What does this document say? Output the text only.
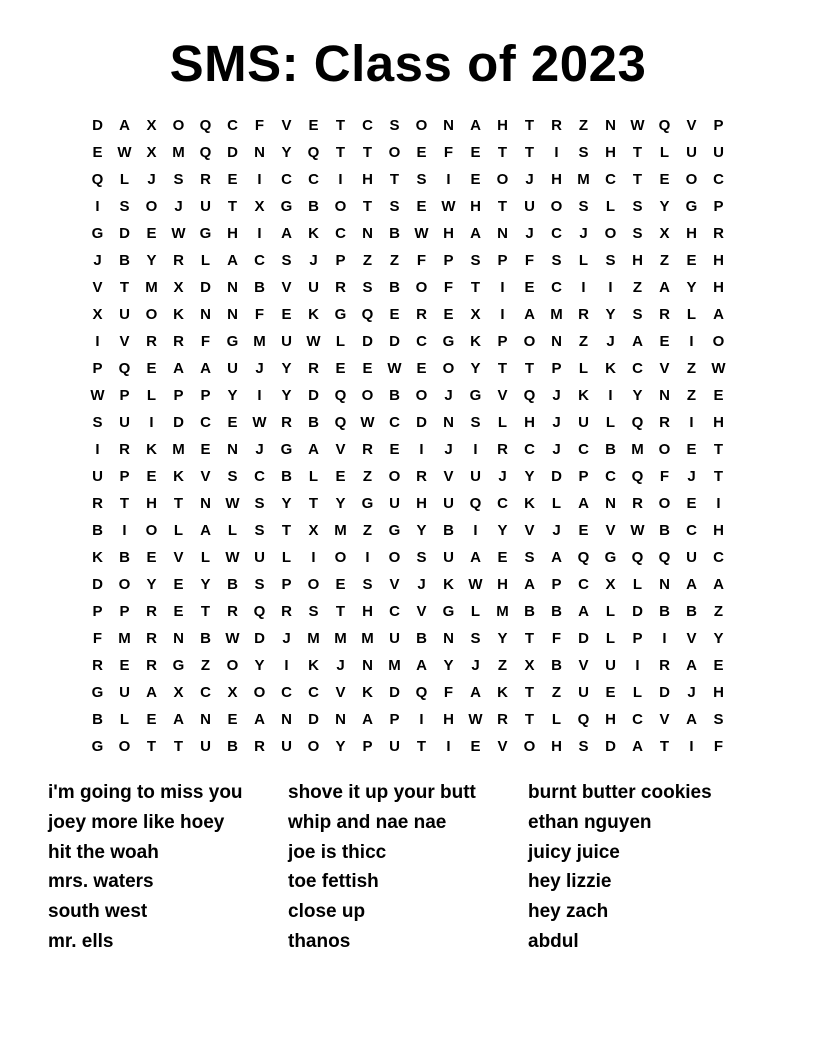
SMS: Class of 2023
D	A	X	O	Q	C	F	V	E	T	C	S	O	N	A	H	T	R	Z	N W Q	V	P
E W X	M Q	D	N	Y	Q	T	T	O	E	F	E	T	T	I	S	H	T	L	U	U
Q	L	J	S	R	E	I	C	C	I	H	T	S	I	E	O	J	H	M	C	T	E	O	C
I	S	O	J	U	T	X	G	B	O	T	S	E W H	T	U	O	S	L	S	Y	G	P
G	D	E W G	H	I	A	K	C	N	B W H	A	N	J	C	J	O	S	X	H	R
J	B	Y	R	L	A	C	S	J	P	Z	Z	F	P	S	P	F	S	L	S	H	Z	E	H
V	T	M	X	D	N	B	V	U	R	S	B	O	F	T	I	E	C	I	I	Z	A	Y	H
X	U	O	K	N	N	F	E	K	G	Q	E	R	E	X	I	A	M	R	Y	S	R	L	A
I	V	R	R	F	G M	U W	L	D	D	C	G	K	P	O	N	Z	J	A	E	I	O
P	Q	E	A	A	U	J	Y	R	E	E W E	O	Y	T	T	P	L	K	C	V	Z	W
W P	L	P	P	Y	I	Y	D	Q	O	B	O	J	G	V	Q	J	K	I	Y	N	Z	E
S	U	I	D	C	E W R	B	Q W C	D	N	S	L	H	J	U	L	Q	R	I	H
I	R	K	M	E	N	J	G	A	V	R	E	I	J	I	R	C	J	C	B	M O	E	T
U	P	E	K	V	S	C	B	L	E	Z	O	R	V	U	J	Y	D	P	C	Q	F	J	T
R	T	H	T	N W S	Y	T	Y	G	U	H	U	Q	C	K	L	A	N	R	O	E	I
B	I	O	L	A	L	S	T	X	M	Z	G	Y	B	I	Y	V	J	E	V W B	C	H
K	B	E	V	L	W U	L	I	O	I	O	S	U	A	E	S	A	Q	G	Q	Q	U	C
D	O	Y	E	Y	B	S	P	O	E	S	V	J	K W H	A	P	C	X	L	N	A	A
P	P	R	E	T	R	Q	R	S	T	H	C	V	G	L	M	B	B	A	L	D	B	B	Z
F	M	R	N	B W D	J	M M M	U	B	N	S	Y	T	F	D	L	P	I	V	Y
R	E	R	G	Z	O	Y	I	K	J	N	M	A	Y	J	Z	X	B	V	U	I	R	A	E
G	U	A	X	C	X	O	C	C	V	K	D	Q	F	A	K	T	Z	U	E	L	D	J	H
B	L	E	A	N	E	A	N	D	N	A	P	I	H W R	T	L	Q	H	C	V	A	S
G	O	T	T	U	B	R	U	O	Y	P	U	T	I	E	V	O	H	S	D	A	T	I	F
i'm going to miss you
joey more like hoey
hit the woah
mrs. waters
south west
mr. ells
shove it up your butt
whip and nae nae
joe is thicc
toe fettish
close up
thanos
burnt butter cookies
ethan nguyen
juicy juice
hey lizzie
hey zach
abdul
